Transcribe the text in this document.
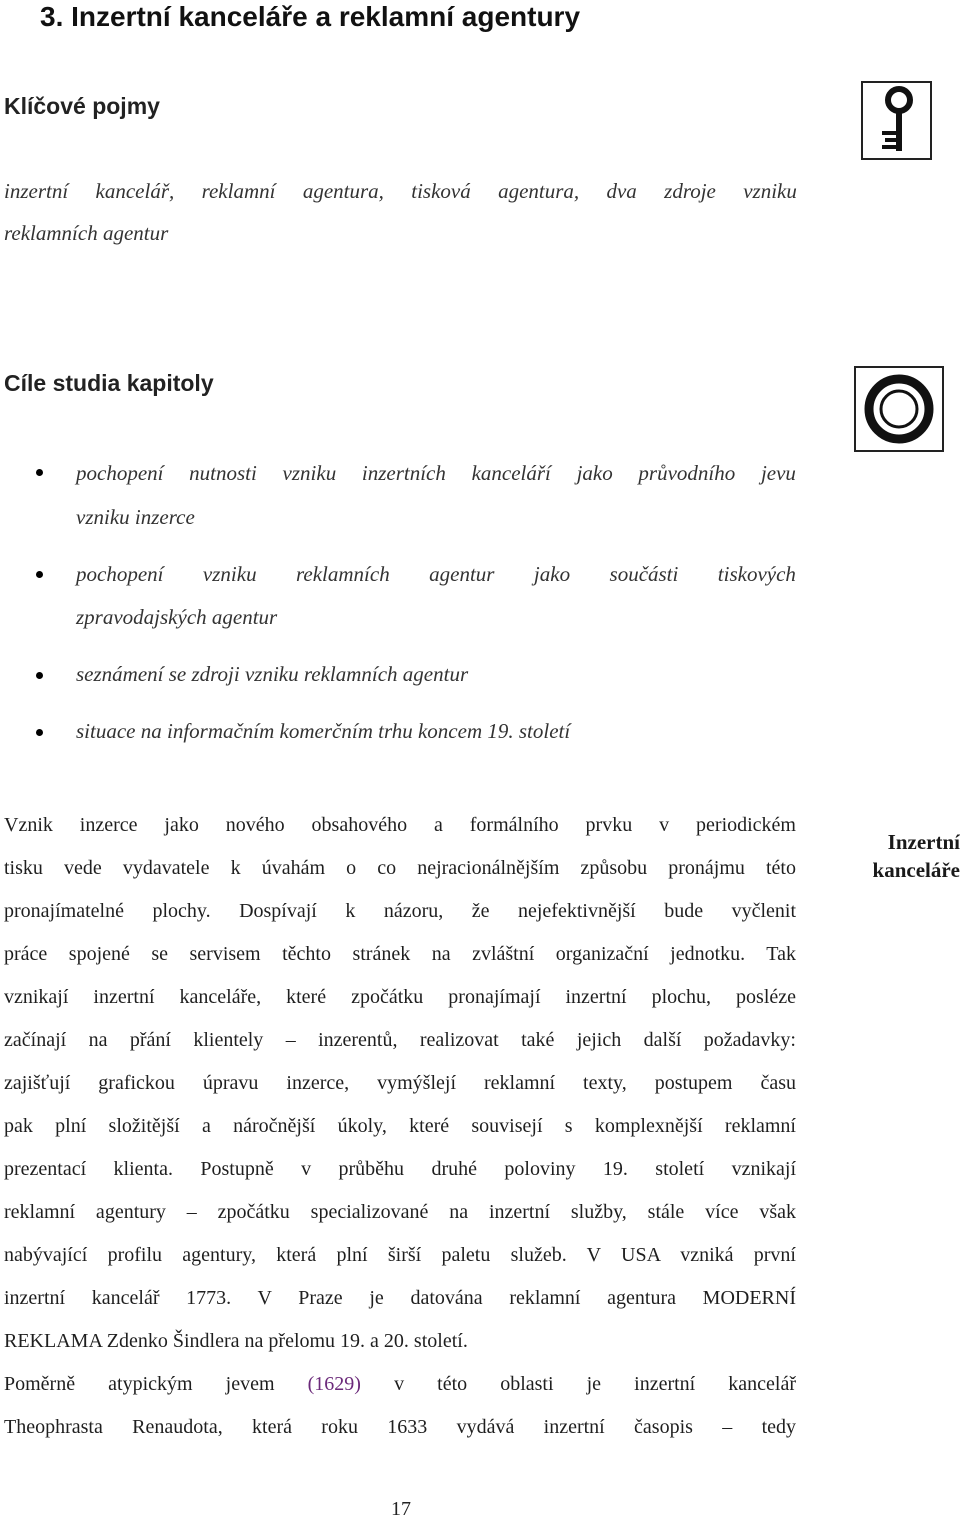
3. Inzertní kanceláře a reklamní agentury
Klíčové pojmy
inzertní kancelář, reklamní agentura, tisková agentura, dva zdroje vzniku
reklamních agentur
Cíle studia kapitoly
pochopení nutnosti vzniku inzertních kanceláří jako průvodního jevu
vzniku inzerce
pochopení vzniku reklamních agentur jako součásti tiskových
zpravodajských agentur
seznámení se zdroji vzniku reklamních agentur
situace na informačním komerčním trhu koncem 19. století
Inzertní kanceláře
Vznik inzerce jako nového obsahového a formálního prvku v periodickém
tisku vede vydavatele k úvahám o co nejracionálnějším způsobu pronájmu této
pronajímatelné plochy. Dospívají k názoru, že nejefektivnější bude vyčlenit
práce spojené se servisem těchto stránek na zvláštní organizační jednotku. Tak
vznikají inzertní kanceláře, které zpočátku pronajímají inzertní plochu, posléze
začínají na přání klientely – inzerentů, realizovat také jejich další požadavky:
zajišťují grafickou úpravu inzerce, vymýšlejí reklamní texty, postupem času
pak plní složitější a náročnější úkoly, které souvisejí s komplexnější reklamní
prezentací klienta. Postupně v průběhu druhé poloviny 19. století vznikají
reklamní agentury – zpočátku specializované na inzertní služby, stále více však
nabývající profilu agentury, která plní širší paletu služeb. V USA vzniká první
inzertní kancelář 1773. V Praze je datována reklamní agentura MODERNÍ
REKLAMA Zdenko Šindlera na přelomu 19. a 20. století.
Poměrně atypickým jevem (1629) v této oblasti je inzertní kancelář
Theophrasta Renaudota, která roku 1633 vydává inzertní časopis – tedy
17
